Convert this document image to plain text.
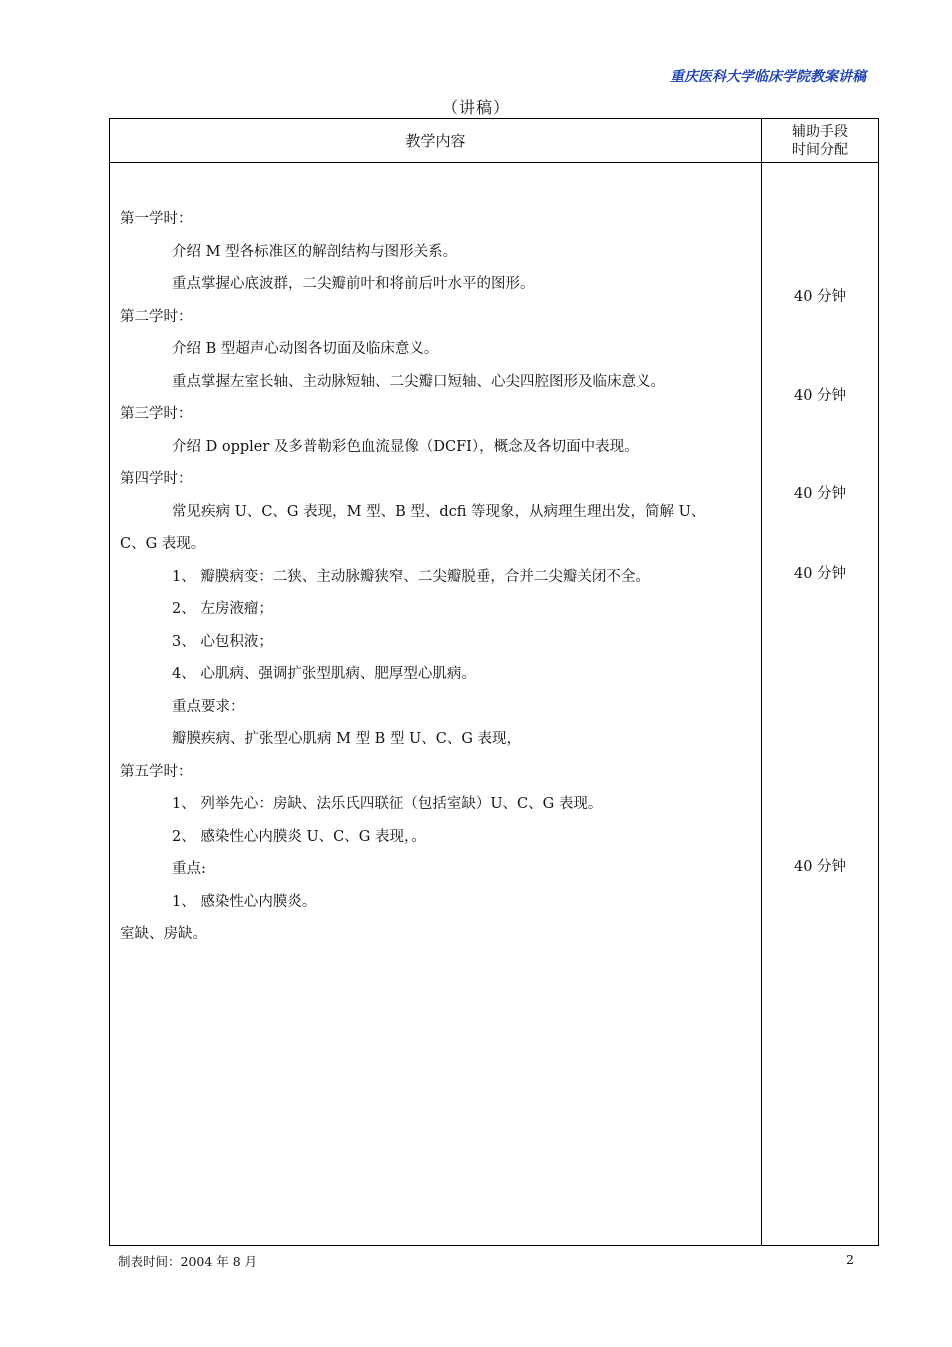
重庆医科大学临床学院教案讲稿
（讲稿）
教学内容
辅助手段
时间分配
第一学时：
介绍 M 型各标准区的解剖结构与图形关系。
重点掌握心底波群，二尖瓣前叶和将前后叶水平的图形。
第二学时：
介绍 B 型超声心动图各切面及临床意义。
重点掌握左室长轴、主动脉短轴、二尖瓣口短轴、心尖四腔图形及临床意义。
第三学时：
介绍 D oppler 及多普勒彩色血流显像（DCFI），概念及各切面中表现。
第四学时：
常见疾病 U、C、G 表现，M 型、B 型、dcfi 等现象，从病理生理出发，简解 U、
C、G 表现。
1、 瓣膜病变：二狭、主动脉瓣狭窄、二尖瓣脱垂，合并二尖瓣关闭不全。
2、 左房液瘤；
3、 心包积液；
4、 心肌病、强调扩张型肌病、肥厚型心肌病。
重点要求：
瓣膜疾病、扩张型心肌病 M 型 B 型 U、C、G 表现，
第五学时：
1、 列举先心：房缺、法乐氏四联征（包括室缺）U、C、G 表现。
2、 感染性心内膜炎 U、C、G 表现，。
重点:
1、 感染性心内膜炎。
室缺、房缺。
40 分钟
40 分钟
40 分钟
40 分钟
40 分钟
制表时间：2004 年 8 月	2
